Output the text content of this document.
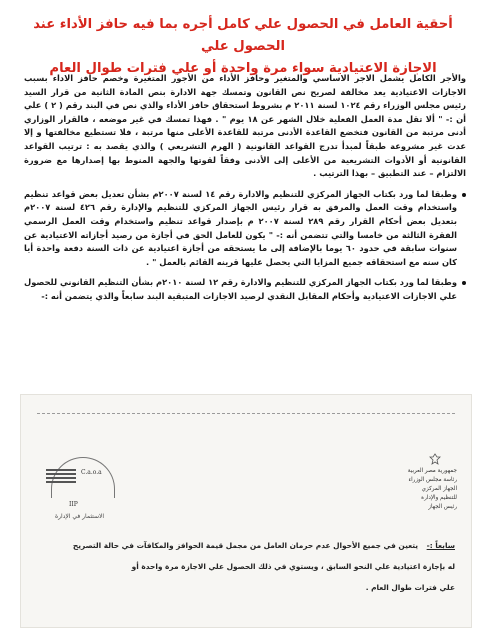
أحقية العامل في الحصول علي كامل أجره بما فيه حافز الأداء عند الحصول علي
الاجازة الاعتيادية سواء مرة واحدة أو علي فترات طوال العام

والأجر الكامل يشمل الاجر الاساسي والمتغير وحافز الأداء من الأجور المتغيرة وخصم حافز الاداء بسبب الاجازات الاعتيادية يعد مخالفة لصريح نص القانون وتمسك جهة الادارة بنص المادة الثانية من قرار السيد رئيس مجلس الوزراء رقم ١٠٢٤ لسنة ٢٠١١ م بشروط استحقاق حافز الأداء والذي نص في البند رقم ( ٢ ) علي أن :- " ألا تقل مدة العمل الفعلية خلال الشهر عن ١٨ يوم " . فهذا تمسك في غير موضعه ، فالقرار الوزاري أدنى مرتبة من القانون فتخضع القاعدة الأدنى مرتبة للقاعدة الأعلى منها مرتبة ، فلا تستطيع مخالفتها و إلا عدت غير مشروعة طبقاً لمبدأ تدرج القواعد القانونية ( الهرم التشريعي ) والذي يقصد به : ترتيب القواعد القانونية أو الأدوات التشريعية من الأعلى إلى الأدنى وفقاً لقوتها والجهة المنوط بها إصدارها مع ضرورة الالتزام – عند التطبيق – بهذا الترتيب .

وطبقا لما ورد بكتاب الجهاز المركزي للتنظيم والادارة رقم ١٤ لسنة ٢٠٠٧م بشأن تعديل بعض قواعد تنظيم واستخدام وقت العمل والمرفق به قرار رئيس الجهاز المركزي للتنظيم والإدارة رقم ٤٢٦ لسنة ٢٠٠٧م بتعديل بعض أحكام القرار رقم ٢٨٩ لسنة ٢٠٠٧ م بإصدار قواعد تنظيم واستخدام وقت العمل الرسمي الفقرة الثالثة من خامسا والتي تتضمن أنه :- " يكون للعامل الحق في أجازة من رصيد أجازاته الاعتيادية عن سنوات سابقة في حدود ٦٠ يوما بالإضافة إلى ما يستحقه من أجازة اعتيادية عن ذات السنة دفعة واحدة أيا كان سنه مع استحقاقه جميع المزايا التي يحصل عليها قرينه القائم بالعمل " .

وطبقا لما ورد بكتاب الجهاز المركزي للتنظيم والادارة رقم ١٢ لسنة ٢٠١٠م بشأن التنظيم القانوني للحصول علي الاجازات الاعتيادية وأحكام المقابل النقدي لرصيد الاجازات المتبقية البند سابعاً والذي يتضمن أنه :-

C.a.o.a
IIP
الاستثمار في الإدارة
جمهورية مصر العربية
رئاسة مجلس الوزراء
الجهاز المركزي
للتنظيم والإدارة
رئيس الجهاز
سابعاً :- يتعين في جميع الأحوال عدم حرمان العامل من مجمل قيمة الحوافز والمكافآت في حالة التصريح
له بإجازة اعتيادية علي النحو السابق ، ويستوي في ذلك الحصول علي الاجازة مرة واحدة أو
علي فترات طوال العام .
